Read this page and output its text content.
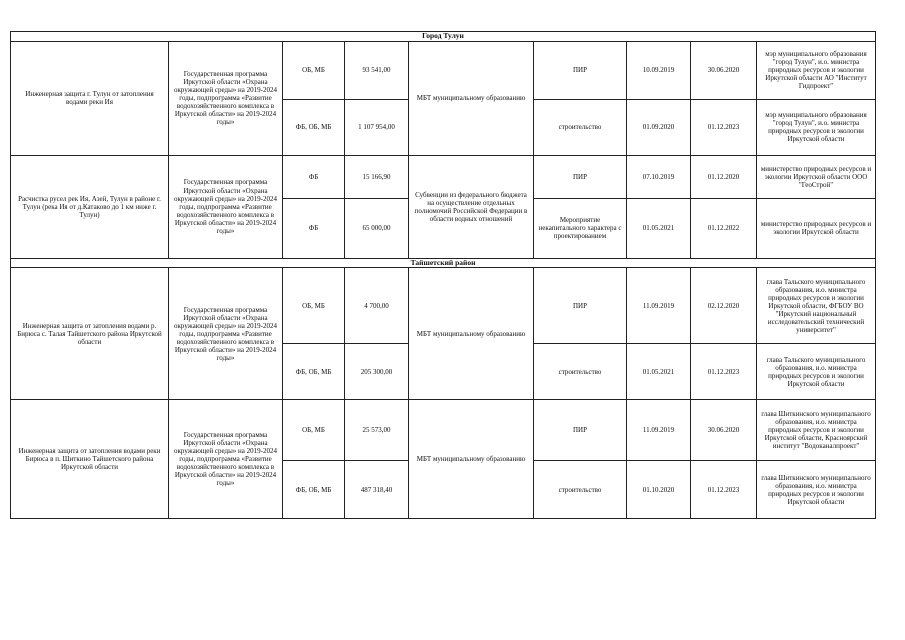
Город Тулун								
Инженерная защита г. Тулун от затопления водами реки Ия	Государственная программа Иркутской области «Охрана окружающей среды» на 2019-2024 годы, подпрограмма «Развитие водохозяйственного комплекса в Иркутской области» на 2019-2024 годы»	ОБ, МБ	93 541,00	МБТ муниципальному образованию	ПИР	10.09.2019	30.06.2020	мэр муниципального образования "город Тулун", и.о. министра природных ресурсов и экологии Иркутской области АО "Институт Гидпроект"
		ФБ, ОБ, МБ	1 107 954,00		строительство	01.09.2020	01.12.2023	мэр муниципального образования "город Тулун", и.о. министра природных ресурсов и экологии Иркутской области
Расчистка русел рек Ия, Азей, Тулун в районе г. Тулун (река Ия от д.Катаково до 1 км ниже г. Тулун)	Государственная программа Иркутской области «Охрана окружающей среды» на 2019-2024 годы, подпрограмма «Развитие водохозяйственного комплекса в Иркутской области» на 2019-2024 годы»	ФБ	15 166,90	Субвенции из федерального бюджета на осуществление отдельных полномочий Российской Федерации в области водных отношений	ПИР	07.10.2019	01.12.2020	министерство природных ресурсов и экологии Иркутской области ООО "ГеоСтрой"
		ФБ	65 000,00		Мероприятие некапитального характера с проектированием	01.05.2021	01.12.2022	министерство природных ресурсов и экологии Иркутской области
Тайшетский район								
Инженерная защита от затопления водами р. Бирюса с. Талая Тайшетского района Иркутской области	Государственная программа Иркутской области «Охрана окружающей среды» на 2019-2024 годы, подпрограмма «Развитие водохозяйственного комплекса в Иркутской области» на 2019-2024 годы»	ОБ, МБ	4 700,00	МБТ муниципальному образованию	ПИР	11.09.2019	02.12.2020	глава Тальского муниципального образования, и.о. министра природных ресурсов и экологии Иркутской области, ФГБОУ ВО "Иркутский национальный исследовательский технический университет"
		ФБ, ОБ, МБ	205 300,00		строительство	01.05.2021	01.12.2023	глава Тальского муниципального образования, и.о. министра природных ресурсов и экологии Иркутской области
Инженерная защита от затопления водами реки Бирюса в п. Шиткино Тайшетского района Иркутской области	Государственная программа Иркутской области «Охрана окружающей среды» на 2019-2024 годы, подпрограмма «Развитие водохозяйственного комплекса в Иркутской области» на 2019-2024 годы»	ОБ, МБ	25 573,00	МБТ муниципальному образованию	ПИР	11.09.2019	30.06.2020	глава Шиткинского муниципального образования, и.о. министра природных ресурсов и экологии Иркутской области, Красноярский институт "Водоканалпроект"
		ФБ, ОБ, МБ	487 318,40		строительство	01.10.2020	01.12.2023	глава Шиткинского муниципального образования, и.о. министра природных ресурсов и экологии Иркутской области
